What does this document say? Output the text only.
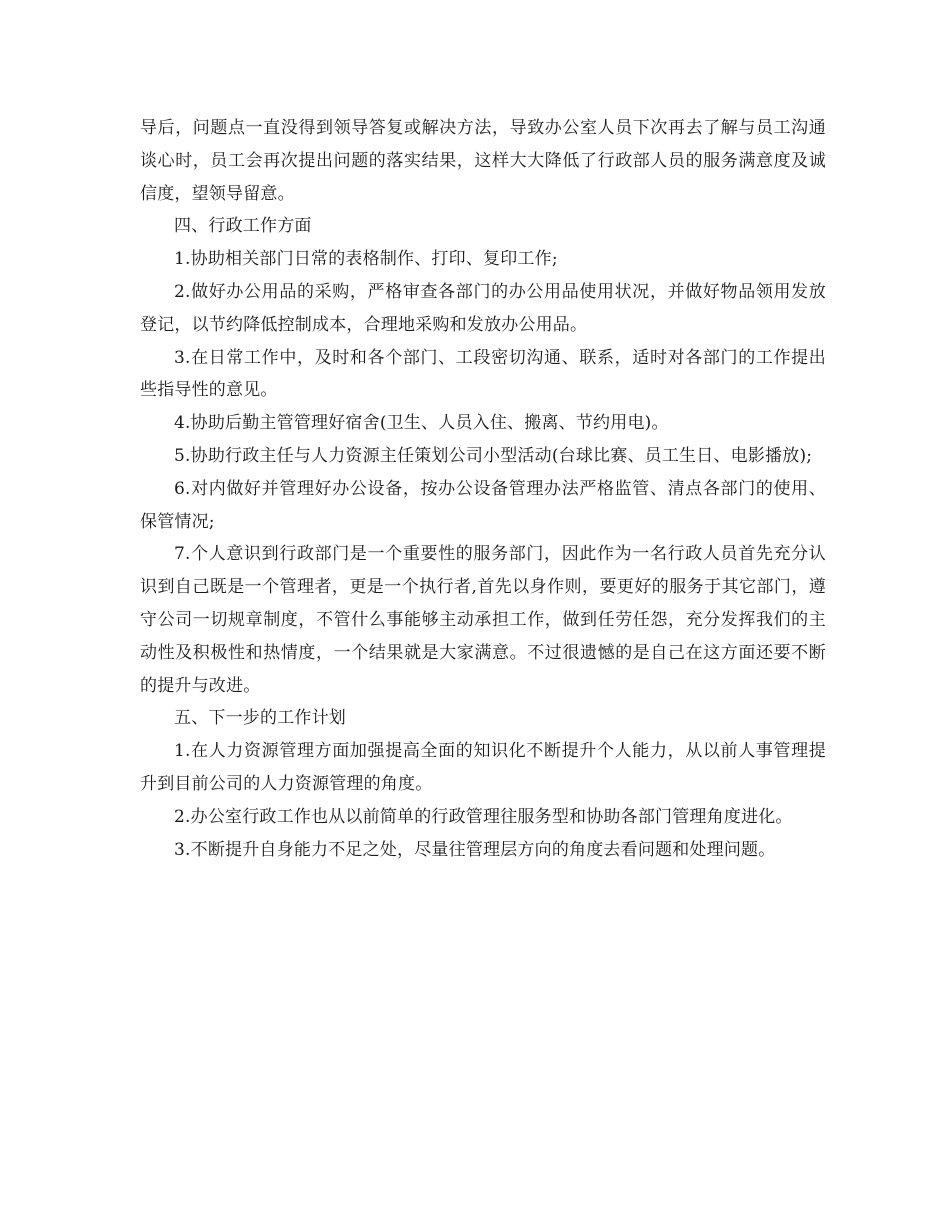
导后，问题点一直没得到领导答复或解决方法，导致办公室人员下次再去了解与员工沟通谈心时，员工会再次提出问题的落实结果，这样大大降低了行政部人员的服务满意度及诚信度，望领导留意。

四、行政工作方面

1.协助相关部门日常的表格制作、打印、复印工作;

2.做好办公用品的采购，严格审查各部门的办公用品使用状况，并做好物品领用发放登记，以节约降低控制成本，合理地采购和发放办公用品。

3.在日常工作中，及时和各个部门、工段密切沟通、联系，适时对各部门的工作提出些指导性的意见。

4.协助后勤主管管理好宿舍(卫生、人员入住、搬离、节约用电)。

5.协助行政主任与人力资源主任策划公司小型活动(台球比赛、员工生日、电影播放);

6.对内做好并管理好办公设备，按办公设备管理办法严格监管、清点各部门的使用、保管情况;

7.个人意识到行政部门是一个重要性的服务部门，因此作为一名行政人员首先充分认识到自己既是一个管理者，更是一个执行者,首先以身作则，要更好的服务于其它部门，遵守公司一切规章制度，不管什么事能够主动承担工作，做到任劳任怨，充分发挥我们的主动性及积极性和热情度，一个结果就是大家满意。不过很遗憾的是自己在这方面还要不断的提升与改进。

五、下一步的工作计划

1.在人力资源管理方面加强提高全面的知识化不断提升个人能力，从以前人事管理提升到目前公司的人力资源管理的角度。

2.办公室行政工作也从以前简单的行政管理往服务型和协助各部门管理角度进化。

3.不断提升自身能力不足之处，尽量往管理层方向的角度去看问题和处理问题。
